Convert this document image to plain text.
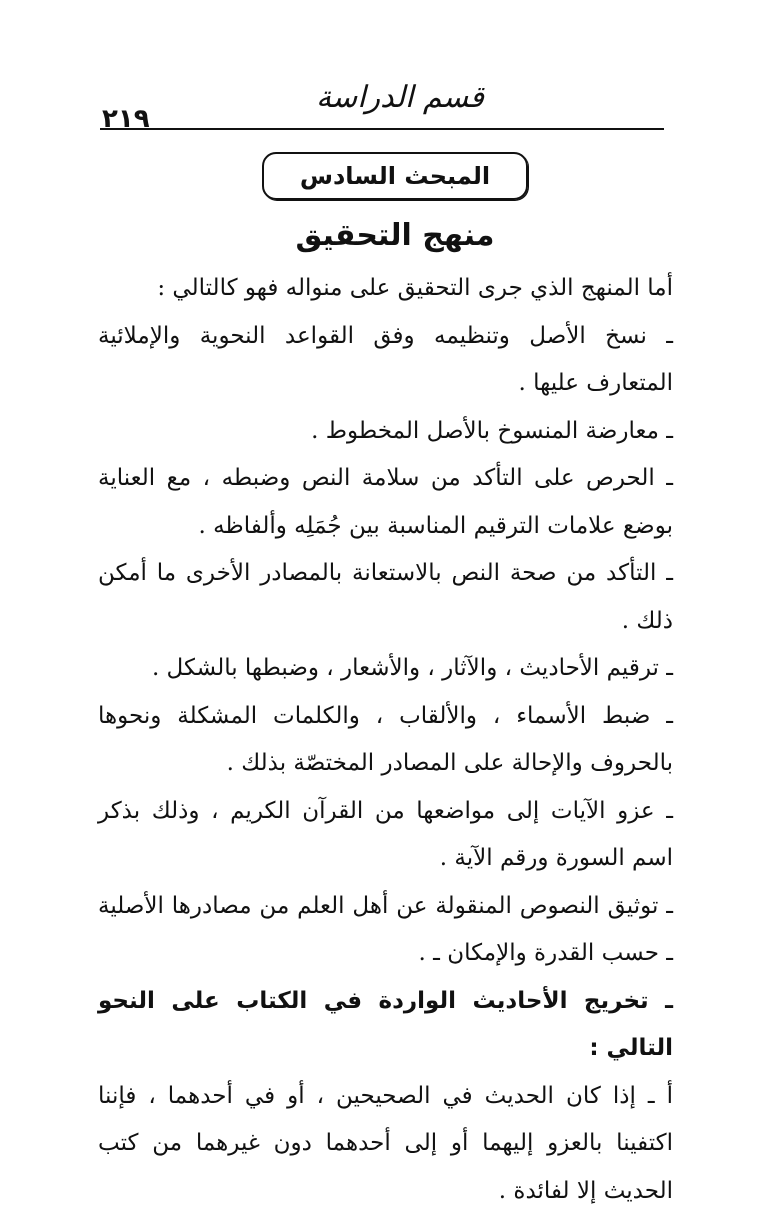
٢١٩
قسم الدراسة
المبحث السادس
منهج التحقيق

أما المنهج الذي جرى التحقيق على منواله فهو كالتالي :

ـ نسخ الأصل وتنظيمه وفق القواعد النحوية والإملائية المتعارف عليها .

ـ معارضة المنسوخ بالأصل المخطوط .

ـ الحرص على التأكد من سلامة النص وضبطه ، مع العناية بوضع علامات الترقيم المناسبة بين جُمَلِه وألفاظه .

ـ التأكد من صحة النص بالاستعانة بالمصادر الأخرى ما أمكن ذلك .

ـ ترقيم الأحاديث ، والآثار ، والأشعار ، وضبطها بالشكل .

ـ ضبط الأسماء ، والألقاب ، والكلمات المشكلة ونحوها بالحروف والإحالة على المصادر المختصّة بذلك .

ـ عزو الآيات إلى مواضعها من القرآن الكريم ، وذلك بذكر اسم السورة ورقم الآية .

ـ توثيق النصوص المنقولة عن أهل العلم من مصادرها الأصلية ـ حسب القدرة والإمكان ـ .

ـ تخريج الأحاديث الواردة في الكتاب على النحو التالي :

أ ـ إذا كان الحديث في الصحيحين ، أو في أحدهما ، فإننا اكتفينا بالعزو إليهما أو إلى أحدهما دون غيرهما من كتب الحديث إلا لفائدة .
